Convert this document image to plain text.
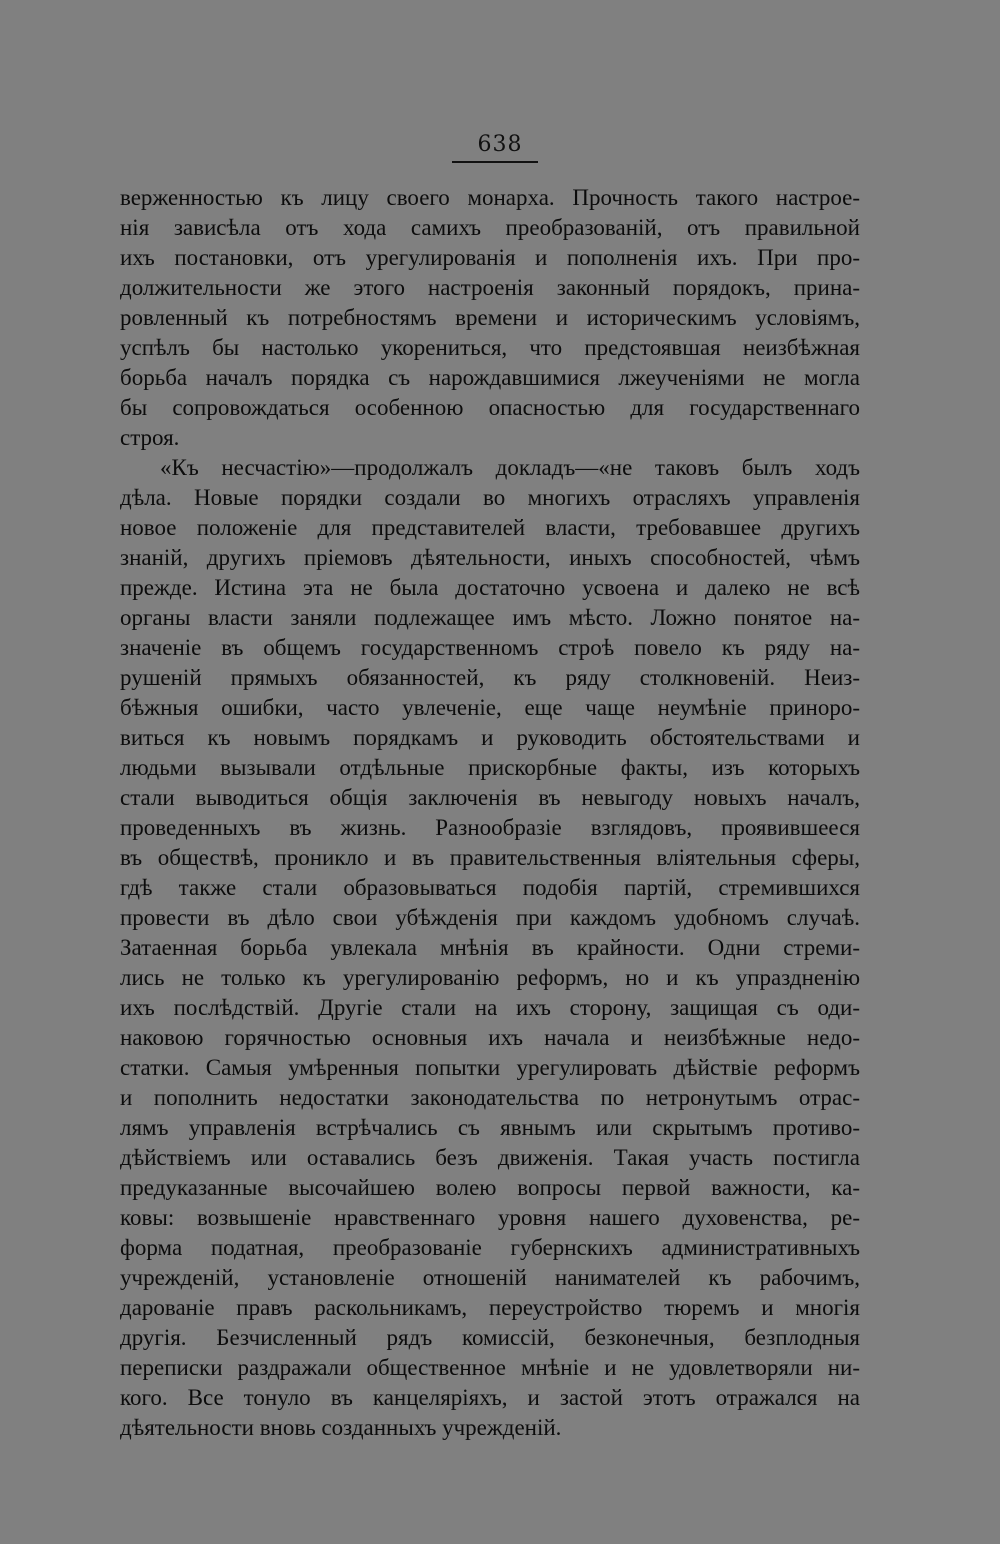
638
верженностью къ лицу своего монарха. Прочность такого настрое-
нія зависѣла отъ хода самихъ преобразованій, отъ правильной
ихъ постановки, отъ урегулированія и пополненія ихъ. При про-
должительности же этого настроенія законный порядокъ, прина-
ровленный къ потребностямъ времени и историческимъ условіямъ,
успѣлъ бы настолько укорениться, что предстоявшая неизбѣжная
борьба началъ порядка съ нарождавшимися лжеученіями не могла
бы сопровождаться особенною опасностью для государственнаго
строя.
«Къ несчастію»—продолжалъ докладъ—«не таковъ былъ ходъ
дѣла. Новые порядки создали во многихъ отрасляхъ управленія
новое положеніе для представителей власти, требовавшее другихъ
знаній, другихъ пріемовъ дѣятельности, иныхъ способностей, чѣмъ
прежде. Истина эта не была достаточно усвоена и далеко не всѣ
органы власти заняли подлежащее имъ мѣсто. Ложно понятое на-
значеніе въ общемъ государственномъ строѣ повело къ ряду на-
рушеній прямыхъ обязанностей, къ ряду столкновеній. Неиз-
бѣжныя ошибки, часто увлеченіе, еще чаще неумѣніе приноро-
виться къ новымъ порядкамъ и руководить обстоятельствами и
людьми вызывали отдѣльные прискорбные факты, изъ которыхъ
стали выводиться общія заключенія въ невыгоду новыхъ началъ,
проведенныхъ въ жизнь. Разнообразіе взглядовъ, проявившееся
въ обществѣ, проникло и въ правительственныя вліятельныя сферы,
гдѣ также стали образовываться подобія партій, стремившихся
провести въ дѣло свои убѣжденія при каждомъ удобномъ случаѣ.
Затаенная борьба увлекала мнѣнія въ крайности. Одни стреми-
лись не только къ урегулированію реформъ, но и къ упраздненію
ихъ послѣдствій. Другіе стали на ихъ сторону, защищая съ оди-
наковою горячностью основныя ихъ начала и неизбѣжные недо-
статки. Самыя умѣренныя попытки урегулировать дѣйствіе реформъ
и пополнить недостатки законодательства по нетронутымъ отрас-
лямъ управленія встрѣчались съ явнымъ или скрытымъ противо-
дѣйствіемъ или оставались безъ движенія. Такая участь постигла
предуказанные высочайшею волею вопросы первой важности, ка-
ковы: возвышеніе нравственнаго уровня нашего духовенства, ре-
форма податная, преобразованіе губернскихъ административныхъ
учрежденій, установленіе отношеній нанимателей къ рабочимъ,
дарованіе правъ раскольникамъ, переустройство тюремъ и многія
другія. Безчисленный рядъ комиссій, безконечныя, безплодныя
переписки раздражали общественное мнѣніе и не удовлетворяли ни-
кого. Все тонуло въ канцеляріяхъ, и застой этотъ отражался на
дѣятельности вновь созданныхъ учрежденій.
